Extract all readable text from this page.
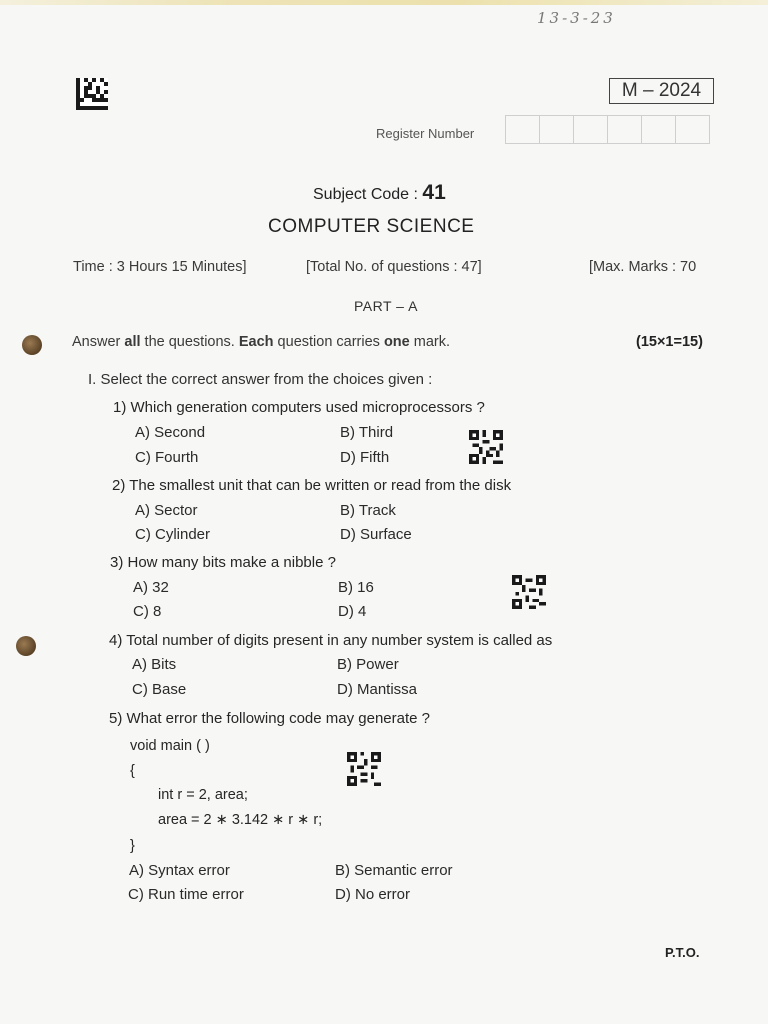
13-3-23
M – 2024
Register Number
Subject Code : 41
COMPUTER SCIENCE
Time : 3 Hours 15 Minutes]	[Total No. of questions : 47]	[Max. Marks : 70
PART – A
Answer all the questions. Each question carries one mark.	(15×1=15)
I. Select the correct answer from the choices given :
1) Which generation computers used microprocessors ?
A) Second	B) Third
C) Fourth	D) Fifth
2) The smallest unit that can be written or read from the disk
A) Sector	B) Track
C) Cylinder	D) Surface
3) How many bits make a nibble ?
A) 32	B) 16
C) 8	D) 4
4) Total number of digits present in any number system is called as
A) Bits	B) Power
C) Base	D) Mantissa
5) What error the following code may generate ?
void main ( )
{
int r = 2, area;
area = 2 ∗ 3.142 ∗ r ∗ r;
}
A) Syntax error	B) Semantic error
C) Run time error	D) No error
P.T.O.
